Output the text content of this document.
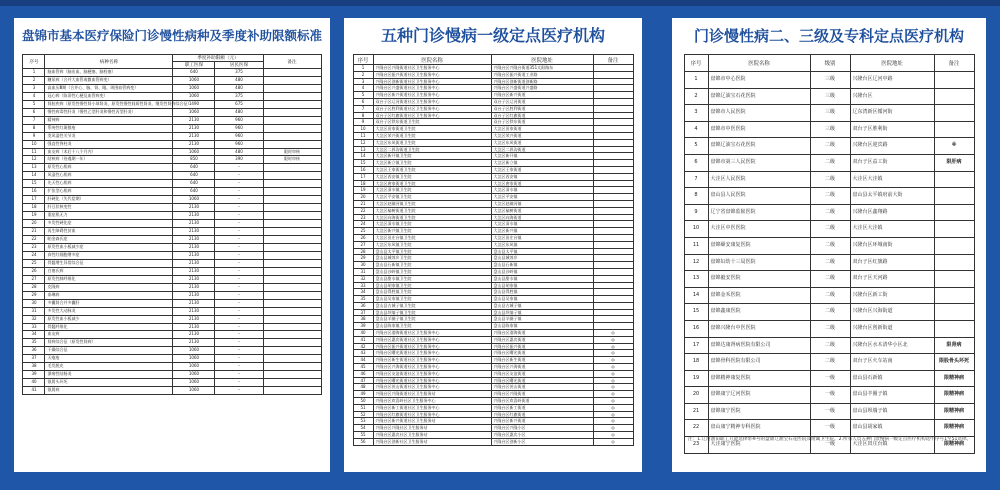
盘锦市基本医疗保险门诊慢性病种及季度补助限额标准
序号	病种名称	季度补助限额（元）		备注
		职工医保	居民医保	
1	脑血管病（脑出血、脑梗塞、脑栓塞）	640	375	
2	糖尿病（合并大血管或微血管病变）	1060	480	
3	高血压Ⅲ期（合并心、脑、肾、眼、周围血管病变）	1060	480	
4	冠心病（陈旧性心梗及血管病变）	1060	375	
5	肾脏疾病（原发性慢性肾小球肾炎、原发性慢性间质性肾炎、继发性肾病综合征）	1490	675	
6	慢性病毒性肝炎（慢性乙型肝炎和慢性丙型肝炎）	1060	480	
7	精神病	2130	960	
8	系统性红斑狼疮	2130	960	
9	类风湿性关节炎	2130	960	
10	强直性脊柱炎	2130	960	
11	血友病（术后十八个月内）	1060	480	限时审核
12	结核病（待遇期一年）	850	390	限时审核
13	原发性心肌病	640	–	
14	风湿性心肌病	640	–	
15	先天性心肌病	640	–	
16	扩张型心肌病	640	–	
17	肝硬化（失代偿期）	1060	–	
18	肝豆状核变性	2130	–	
19	重症肌无力	2130	–	
20	多发性硬化症	2130	–	
21	再生障碍性贫血	2130	–	
22	帕金森氏症	2130	–	
23	原发性血小板减少症	2130	–	
24	真性红细胞增多症	2130	–	
25	骨髓增生异常综合征	2130	–	
26	白塞氏病	2130	–	
27	原发性肺纤维化	2130	–	
28	克隆病	2130	–	
29	泰琳病	2130	–	
30	多囊肾合并多囊肝	2130	–	
31	多发性大动脉炎	2130	–	
32	原发性血小板减少	2130	–	
33	骨髓纤维化	2130	–	
34	血友病	2130	–	
35	肾病综合征（原发性肾病）	2130	–	
36	干燥综合征	1060	–	
37	天疱疮	1060	–	
38	毛发脱皮	1060	–	
39	溃疡性结肠炎	1060	–	
40	银屑头环死	1060	–	
41	银屑病	1060	–	
五种门诊慢病一级定点医疗机构
序号	医院名称	医院地址	备注
1	兴隆台区兴隆街道社区卫生服务中心	兴隆台区兴隆台街道351太阳路东	
2	兴隆台区振兴街道社区卫生服务中心	兴隆台区振兴街道工业路	
3	兴隆台区创新街道社区卫生服务中心	兴隆台区创新街道创新路	
4	兴隆台区兴盛街道社区卫生服务中心	兴隆台区兴盛街道兴盛路	
5	兴隆台区新兴街道社区卫生服务中心	兴隆台区新兴街道	
6	双台子区辽河街道社区卫生服务中心	双台子区辽河街道	
7	双台子区胜利街道社区卫生服务中心	双台子区胜利街道	
8	双台子区红旗街道社区卫生服务中心	双台子区红旗街道	
9	双台子区铁东街道卫生院	双台子区铁东街道	
10	大洼区田家街道卫生院	大洼区田家街道	
11	大洼区荣兴街道卫生院	大洼区荣兴街道	
12	大洼区东风街道卫生院	大洼区东风街道	
13	大洼区二界沟街道卫生院	大洼区二界沟街道	
14	大洼区新开镇卫生院	大洼区新开镇	
15	大洼区新立镇卫生院	大洼区新立镇	
16	大洼区王家街道卫生院	大洼区王家街道	
17	大洼区西安镇卫生院	大洼区西安镇	
18	大洼区唐家街道卫生院	大洼区唐家街道	
19	大洼区清水镇卫生院	大洼区清水镇	
20	大洼区平安镇卫生院	大洼区平安镇	
21	大洼区赵圈河镇卫生院	大洼区赵圈河镇	
22	大洼区榆树街道卫生院	大洼区榆树街道	
23	大洼区向海街道卫生院	大洼区向海街道	
24	大洼区清水镇卫生院	大洼区清水镇	
25	大洼区新兴镇卫生院	大洼区新兴镇	
26	大洼区田庄台镇卫生院	大洼区田庄台镇	
27	大洼区东风镇卫生院	大洼区东风镇	
28	盘山县太平镇卫生院	盘山县太平镇	
29	盘山县城郊乡卫生院	盘山县城郊乡	
30	盘山县石新镇卫生院	盘山县石新镇	
31	盘山县沙岭镇卫生院	盘山县沙岭镇	
32	盘山县甜水镇卫生院	盘山县甜水镇	
33	盘山县胡家镇卫生院	盘山县胡家镇	
34	盘山县得胜镇卫生院	盘山县得胜镇	
35	盘山县吴家镇卫生院	盘山县吴家镇	
36	盘山县古城子镇卫生院	盘山县古城子镇	
37	盘山县坝墙子镇卫生院	盘山县坝墙子镇	
38	盘山县羊圈子镇卫生院	盘山县羊圈子镇	
39	盘山县陈家镇卫生院	盘山县陈家镇	
40	兴隆台区渤海街道社区卫生服务中心	兴隆台区渤海街道	◎
41	兴隆台区惠宾街道社区卫生服务中心	兴隆台区惠宾街道	◎
42	兴隆台区振兴街道社区卫生服务中心	兴隆台区振兴街道	◎
43	兴隆台区曙光街道社区卫生服务中心	兴隆台区曙光街道	◎
44	兴隆台区新生街道社区卫生服务中心	兴隆台区新生街道	◎
45	兴隆台区兴海街道社区卫生服务中心	兴隆台区兴海街道	◎
46	兴隆台区友谊街道社区卫生服务中心	兴隆台区友谊街道	◎
47	兴隆台区曙光街道社区卫生服务中心	兴隆台区曙光街道	◎
48	兴隆台区茨山街道社区卫生服务中心	兴隆台区茨山街道	◎
49	兴隆台区兴隆街道社区卫生服务站	兴隆台区兴隆街道	◎
50	兴隆台区欢喜岭社区卫生服务中心	兴隆台区欢喜岭街道	◎
51	兴隆台区新工街道社区卫生服务中心	兴隆台区新工街道	◎
52	兴隆台区红旗街道社区卫生服务中心	兴隆台区红旗街道	◎
53	兴隆台区新兴街道社区卫生服务站	兴隆台区新兴街道	◎
54	兴隆台区兴隆社区卫生服务站	兴隆台区兴隆小区	◎
55	兴隆台区惠宾社区卫生服务站	兴隆台区惠宾小区	◎
56	兴隆台区创新社区卫生服务站	兴隆台区创新小区	◎
门诊慢性病二、三级及专科定点医疗机构
序号	医院名称	级别	医院地址	备注
1	盘锦市中心医院	三级	兴隆台区辽河中路	
2	盘锦辽油宝石花医院	三级	兴隆台区	
3	盘锦市人民医院	三级	辽东湾新区循河街	
4	盘锦市中医医院	三级	双台子区胜利街	
5	盘锦辽油宝石花医院	二级	兴隆台区迎宾路	※
6	盘锦市第三人民医院	二级	双台子区益工街	限肝病
7	大洼区人民医院	二级	大洼区大洼镇	
8	盘山县人民医院	二级	盘山县太平镇府前大街	
9	辽宁省盘锦监狱医院	二级	兴隆台区鑫翔路	
10	大洼区中医医院	二级	大洼区大洼镇	
11	盘锦颐安康复医院	二级	兴隆台区环城南街	
12	盘锦妇幼十三局医院	二级	双台子区红旗路	
13	盘锦毅安医院	二级	双台子区天河路	
14	盘锦金禾医院	二级	兴隆台区新工街	
15	盘锦鑫康医院	二级	兴隆台区兴海街道	
16	盘锦兴隆台中医医院	二级	兴隆台区创新街道	
17	盘锦达康肾病医院有限公司	二级	兴隆台区水木清华小区北	限肾病
18	盘锦骨科医院有限公司	二级	双台子区火车站南	限股骨头坏死
19	盘锦精神康复医院	一级	盘山县石新镇	限精神病
20	盘锦康宁辽河医院	一级	盘山县羊圈子镇	限精神病
21	盘锦康宁医院	一级	盘山县坝墙子镇	限精神病
22	盘山康宁精神专科医院	一级	盘山县胡家镇	限精神病
23	大洼康宁医院	一级	大洼区田庄台镇	限精神病
注：1.辽河油田职工只能选择带※号的盘锦辽油宝石花医院及附属卫生院。2.所有人员五种门诊慢病一级定点医疗机构选中序号1至51选择。
